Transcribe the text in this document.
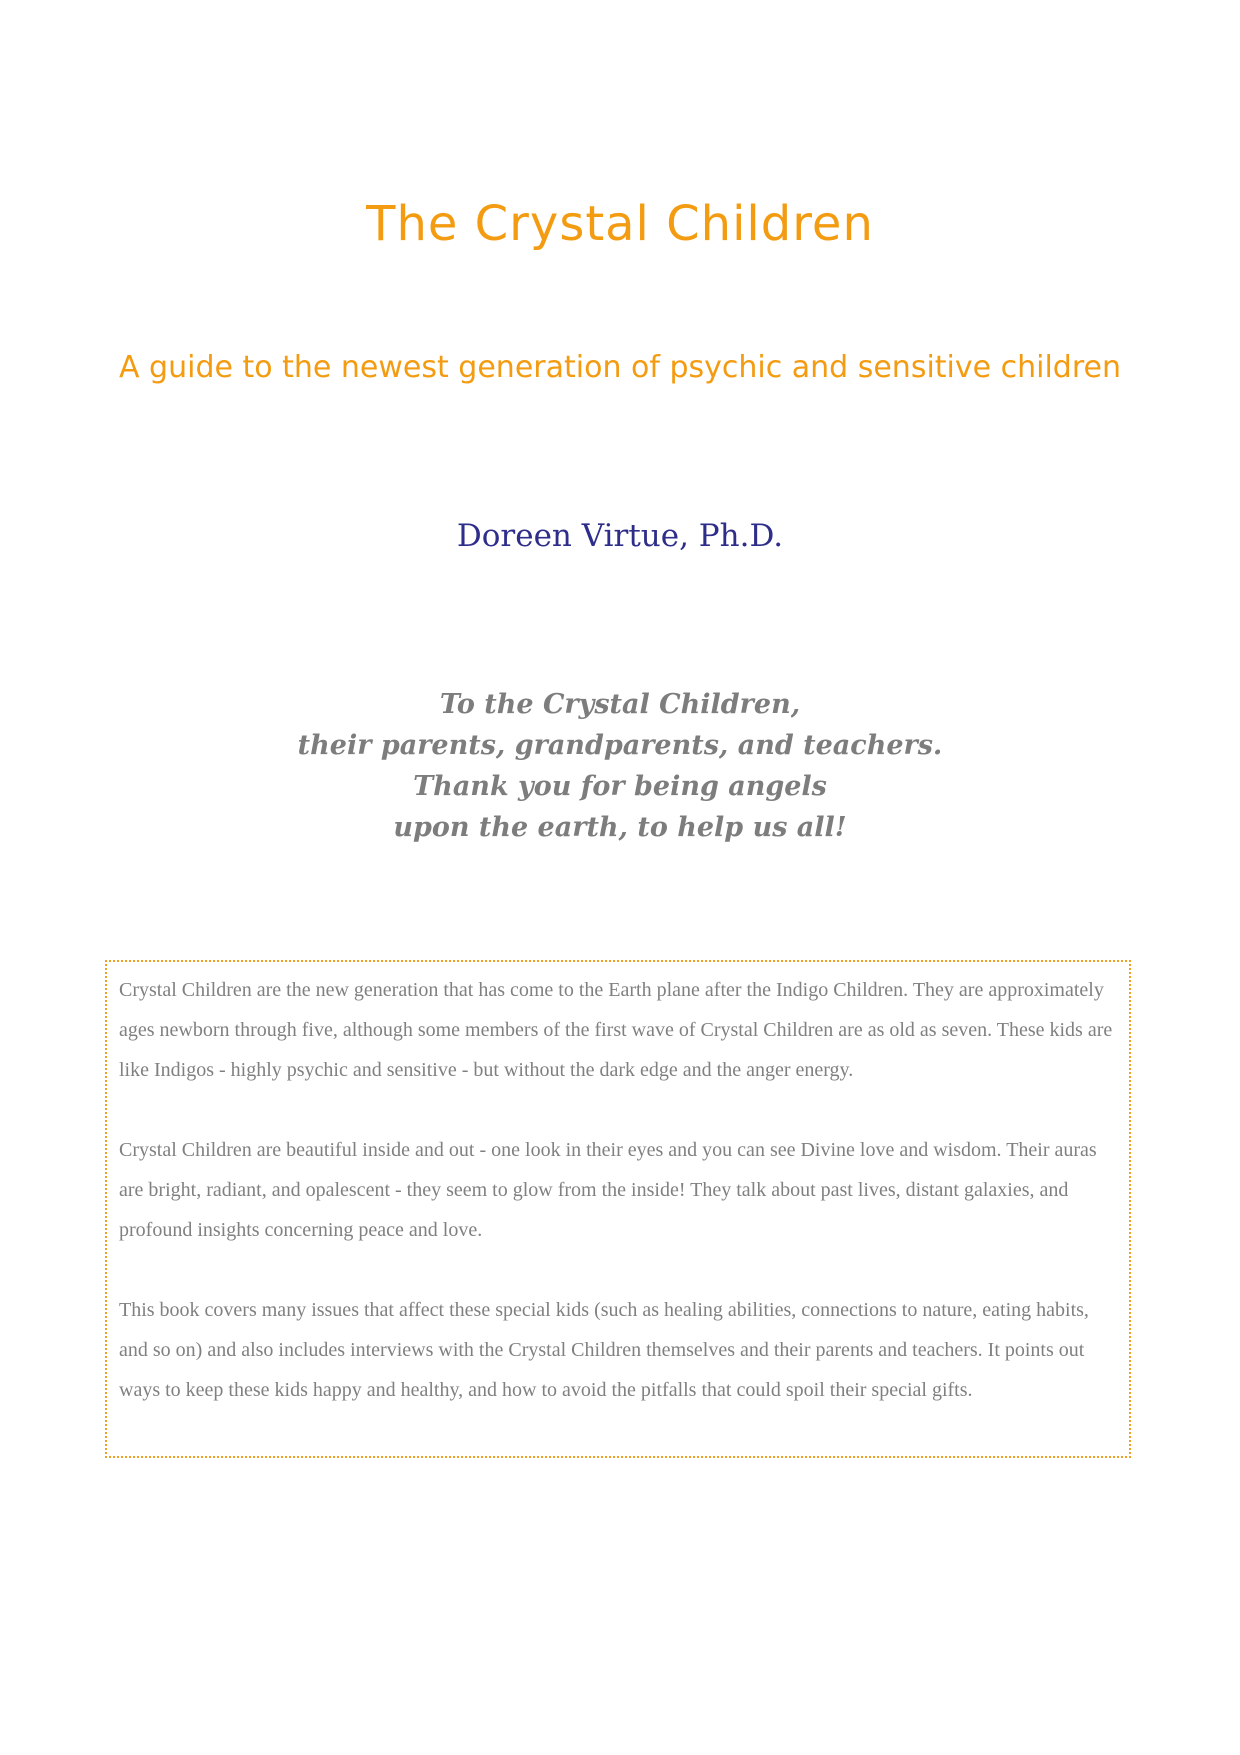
The Crystal Children
A guide to the newest generation of psychic and sensitive children
Doreen Virtue, Ph.D.
To the Crystal Children,
their parents, grandparents, and teachers.
Thank you for being angels
upon the earth, to help us all!

Crystal Children are the new generation that has come to the Earth plane after the Indigo Children. They are approximately ages newborn through five, although some members of the first wave of Crystal Children are as old as seven. These kids are like Indigos - highly psychic and sensitive - but without the dark edge and the anger energy.

Crystal Children are beautiful inside and out - one look in their eyes and you can see Divine love and wisdom. Their auras are bright, radiant, and opalescent - they seem to glow from the inside! They talk about past lives, distant galaxies, and profound insights concerning peace and love.

This book covers many issues that affect these special kids (such as healing abilities, connections to nature, eating habits, and so on) and also includes interviews with the Crystal Children themselves and their parents and teachers. It points out ways to keep these kids happy and healthy, and how to avoid the pitfalls that could spoil their special gifts.
